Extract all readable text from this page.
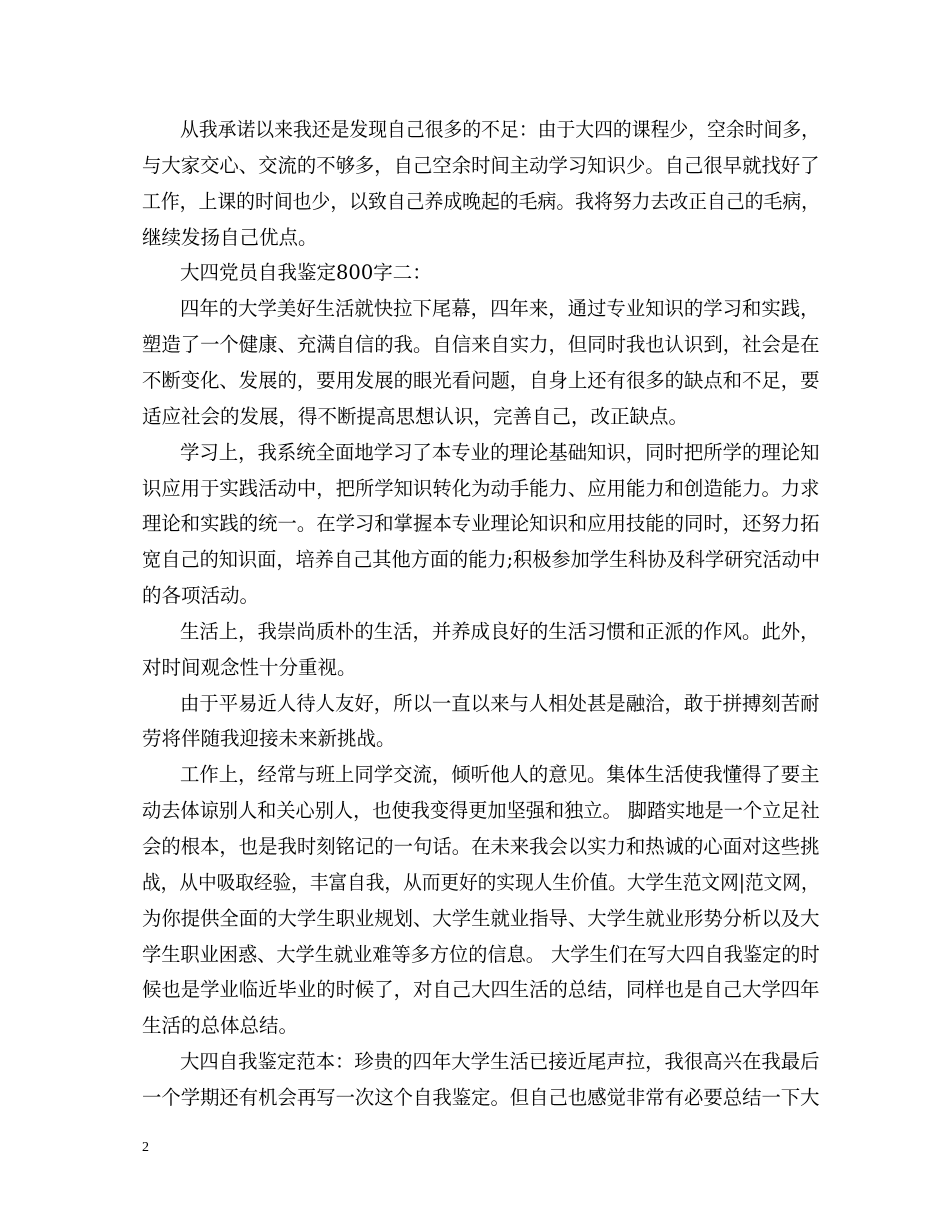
从我承诺以来我还是发现自己很多的不足：由于大四的课程少，空余时间多，
与大家交心、交流的不够多，自己空余时间主动学习知识少。自己很早就找好了
工作，上课的时间也少，以致自己养成晚起的毛病。我将努力去改正自己的毛病，
继续发扬自己优点。
大四党员自我鉴定800字二：
四年的大学美好生活就快拉下尾幕，四年来，通过专业知识的学习和实践，
塑造了一个健康、充满自信的我。自信来自实力，但同时我也认识到，社会是在
不断变化、发展的，要用发展的眼光看问题，自身上还有很多的缺点和不足，要
适应社会的发展，得不断提高思想认识，完善自己，改正缺点。
学习上，我系统全面地学习了本专业的理论基础知识，同时把所学的理论知
识应用于实践活动中，把所学知识转化为动手能力、应用能力和创造能力。力求
理论和实践的统一。在学习和掌握本专业理论知识和应用技能的同时，还努力拓
宽自己的知识面，培养自己其他方面的能力;积极参加学生科协及科学研究活动中
的各项活动。
生活上，我崇尚质朴的生活，并养成良好的生活习惯和正派的作风。此外，
对时间观念性十分重视。
由于平易近人待人友好，所以一直以来与人相处甚是融洽，敢于拼搏刻苦耐
劳将伴随我迎接未来新挑战。
工作上，经常与班上同学交流，倾听他人的意见。集体生活使我懂得了要主
动去体谅别人和关心别人，也使我变得更加坚强和独立。 脚踏实地是一个立足社
会的根本，也是我时刻铭记的一句话。在未来我会以实力和热诚的心面对这些挑
战，从中吸取经验，丰富自我，从而更好的实现人生价值。大学生范文网|范文网，
为你提供全面的大学生职业规划、大学生就业指导、大学生就业形势分析以及大
学生职业困惑、大学生就业难等多方位的信息。 大学生们在写大四自我鉴定的时
候也是学业临近毕业的时候了，对自己大四生活的总结，同样也是自己大学四年
生活的总体总结。
大四自我鉴定范本：珍贵的四年大学生活已接近尾声拉，我很高兴在我最后
一个学期还有机会再写一次这个自我鉴定。但自己也感觉非常有必要总结一下大
2
